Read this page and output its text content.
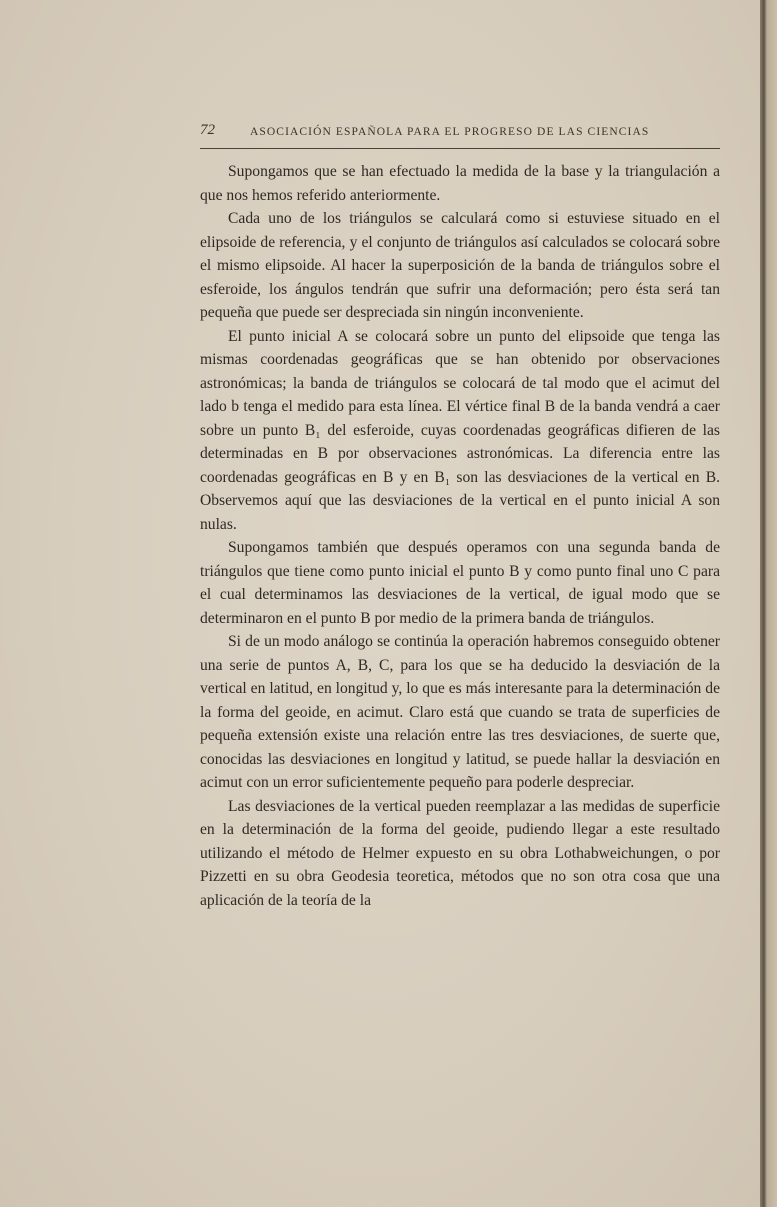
72	ASOCIACIÓN ESPAÑOLA PARA EL PROGRESO DE LAS CIENCIAS

Supongamos que se han efectuado la medida de la base y la triangulación a que nos hemos referido anteriormente.

Cada uno de los triángulos se calculará como si estuviese situado en el elipsoide de referencia, y el conjunto de triángulos así calculados se colocará sobre el mismo elipsoide. Al hacer la superposición de la banda de triángulos sobre el esferoide, los ángulos tendrán que sufrir una deformación; pero ésta será tan pequeña que puede ser despreciada sin ningún inconveniente.

El punto inicial A se colocará sobre un punto del elipsoide que tenga las mismas coordenadas geográficas que se han obtenido por observaciones astronómicas; la banda de triángulos se colocará de tal modo que el acimut del lado b tenga el medido para esta línea. El vértice final B de la banda vendrá a caer sobre un punto B₁ del esferoide, cuyas coordenadas geográficas difieren de las determinadas en B por observaciones astronómicas. La diferencia entre las coordenadas geográficas en B y en B₁ son las desviaciones de la vertical en B. Observemos aquí que las desviaciones de la vertical en el punto inicial A son nulas.

Supongamos también que después operamos con una segunda banda de triángulos que tiene como punto inicial el punto B y como punto final uno C para el cual determinamos las desviaciones de la vertical, de igual modo que se determinaron en el punto B por medio de la primera banda de triángulos.

Si de un modo análogo se continúa la operación habremos conseguido obtener una serie de puntos A, B, C, para los que se ha deducido la desviación de la vertical en latitud, en longitud y, lo que es más interesante para la determinación de la forma del geoide, en acimut. Claro está que cuando se trata de superficies de pequeña extensión existe una relación entre las tres desviaciones, de suerte que, conocidas las desviaciones en longitud y latitud, se puede hallar la desviación en acimut con un error suficientemente pequeño para poderle despreciar.

Las desviaciones de la vertical pueden reemplazar a las medidas de superficie en la determinación de la forma del geoide, pudiendo llegar a este resultado utilizando el método de Helmer expuesto en su obra Lothabweichungen, o por Pizzetti en su obra Geodesia teoretica, métodos que no son otra cosa que una aplicación de la teoría de la
